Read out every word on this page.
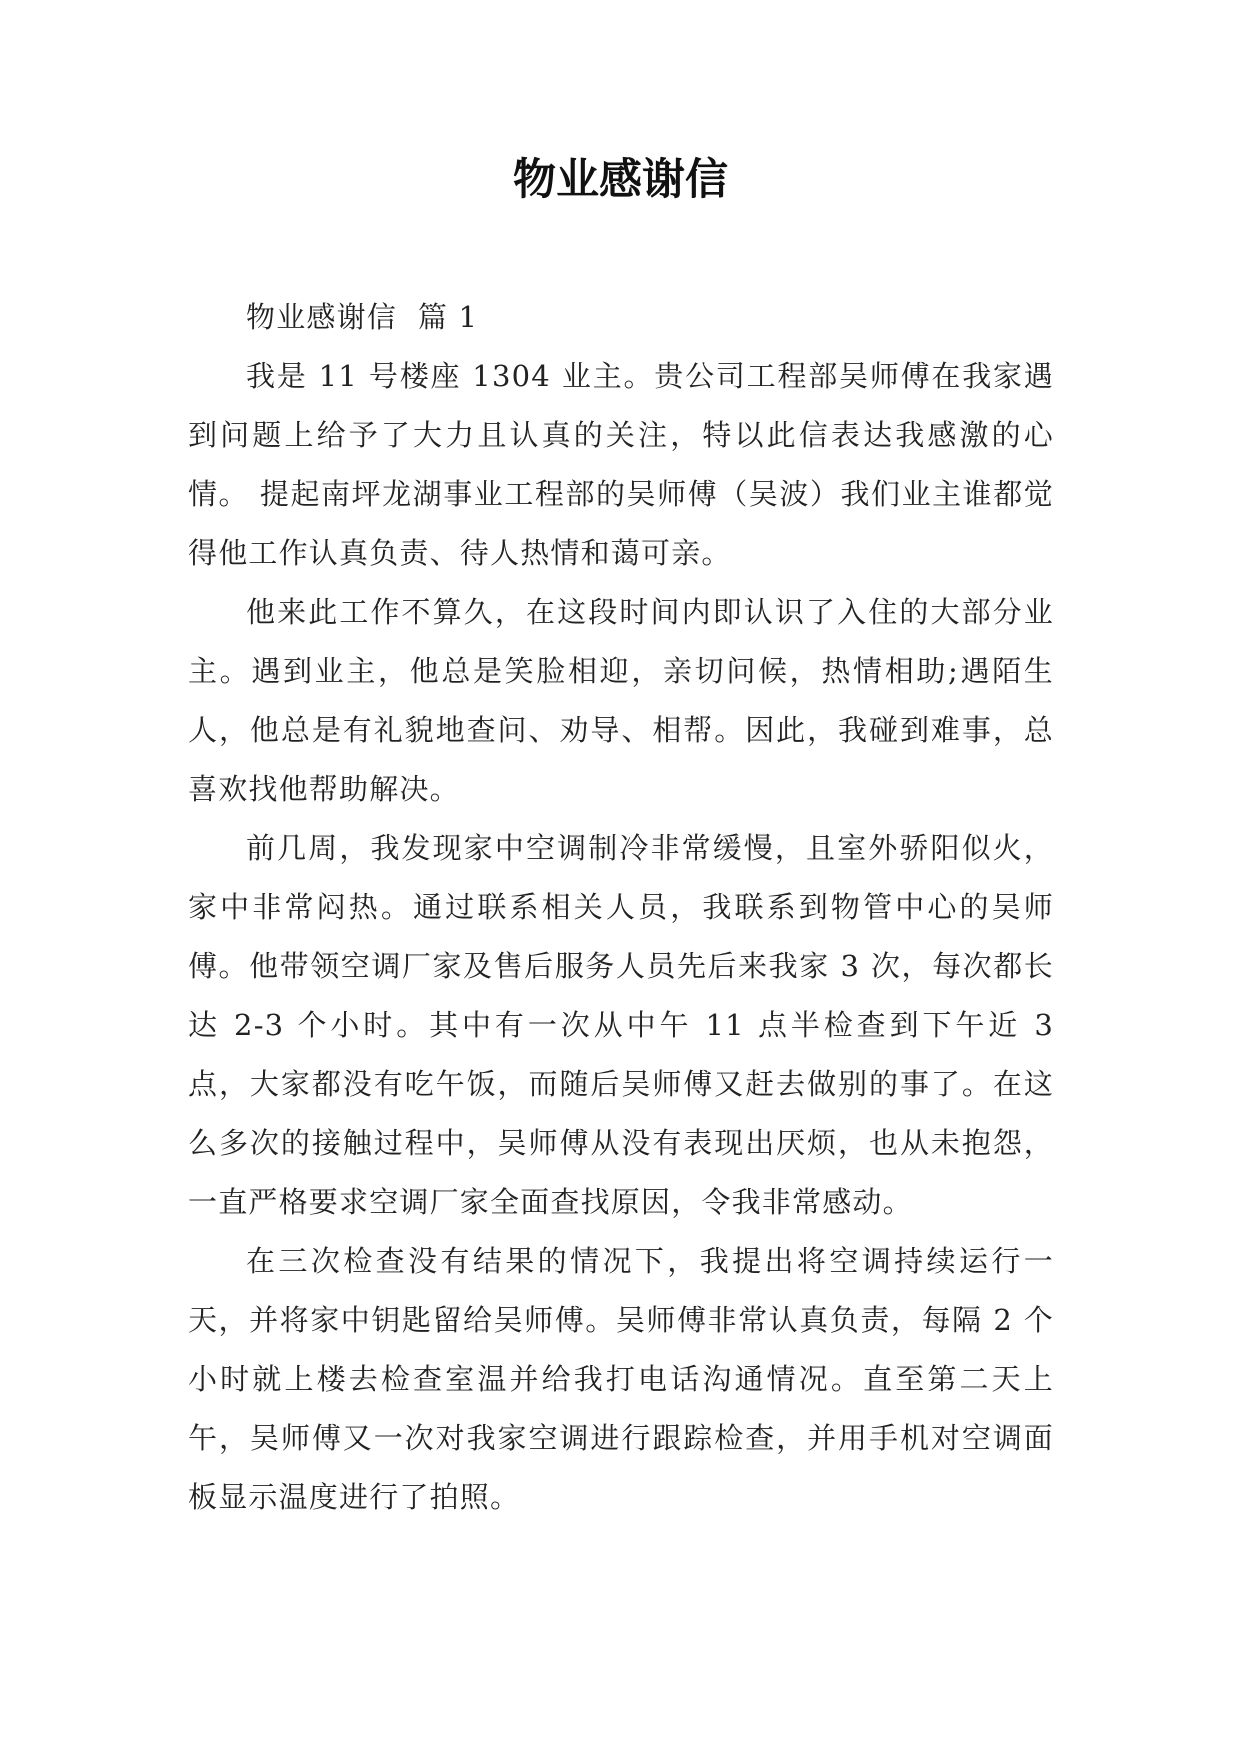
物业感谢信

物业感谢信  篇 1

我是 11 号楼座 1304 业主。贵公司工程部吴师傅在我家遇到问题上给予了大力且认真的关注，特以此信表达我感激的心情。 提起南坪龙湖事业工程部的吴师傅（吴波）我们业主谁都觉得他工作认真负责、待人热情和蔼可亲。

他来此工作不算久，在这段时间内即认识了入住的大部分业主。遇到业主，他总是笑脸相迎，亲切问候，热情相助;遇陌生人，他总是有礼貌地查问、劝导、相帮。因此，我碰到难事，总喜欢找他帮助解决。

前几周，我发现家中空调制冷非常缓慢，且室外骄阳似火，家中非常闷热。通过联系相关人员，我联系到物管中心的吴师傅。他带领空调厂家及售后服务人员先后来我家 3 次，每次都长达 2-3 个小时。其中有一次从中午 11 点半检查到下午近 3 点，大家都没有吃午饭，而随后吴师傅又赶去做别的事了。在这么多次的接触过程中，吴师傅从没有表现出厌烦，也从未抱怨，一直严格要求空调厂家全面查找原因，令我非常感动。

在三次检查没有结果的情况下，我提出将空调持续运行一天，并将家中钥匙留给吴师傅。吴师傅非常认真负责，每隔 2 个小时就上楼去检查室温并给我打电话沟通情况。直至第二天上午，吴师傅又一次对我家空调进行跟踪检查，并用手机对空调面板显示温度进行了拍照。
